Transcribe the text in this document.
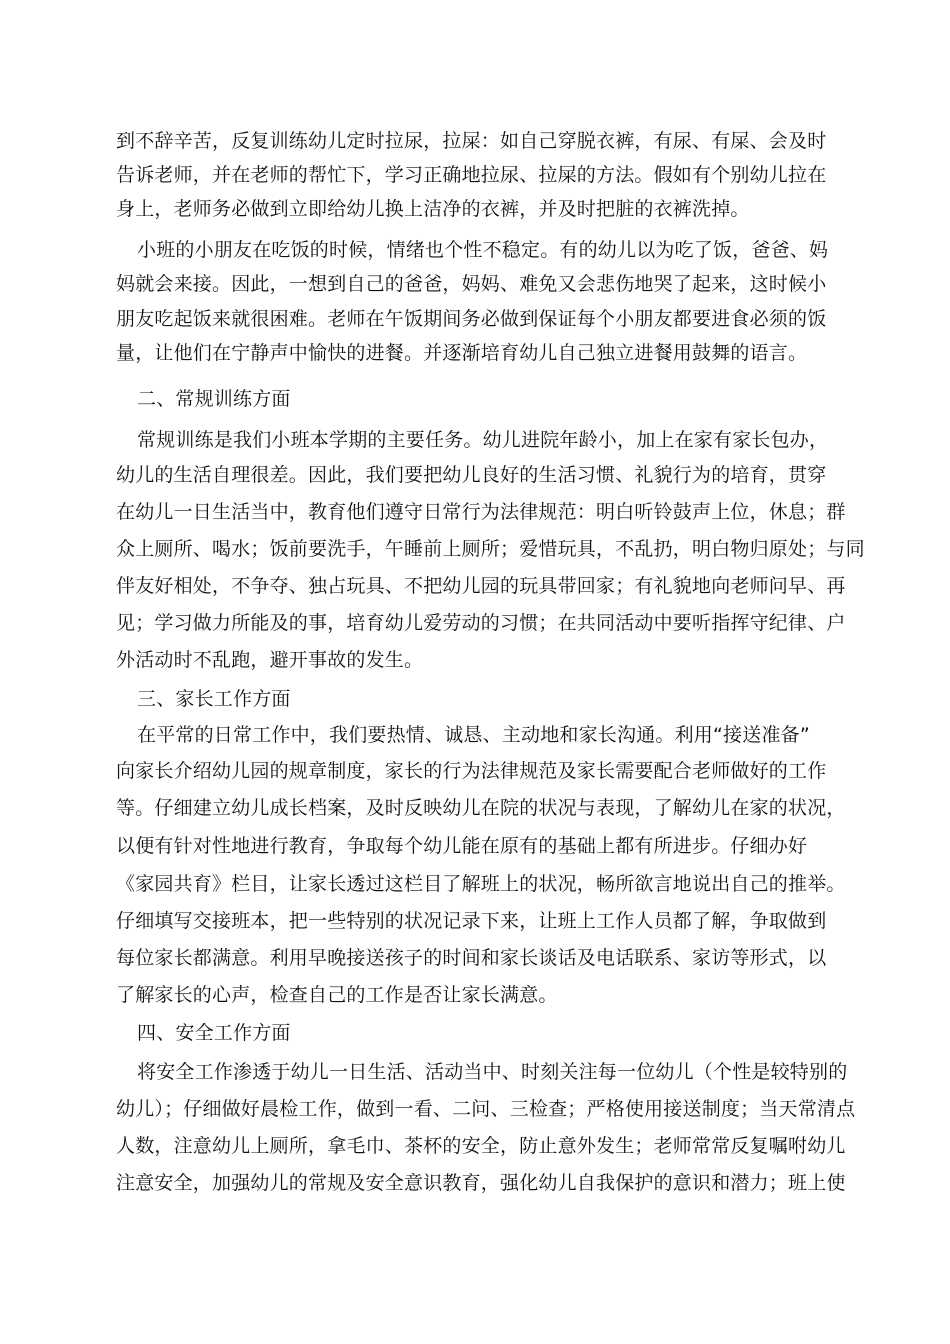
到不辞辛苦，反复训练幼儿定时拉尿，拉屎：如自己穿脱衣裤，有尿、有屎、会及时
告诉老师，并在老师的帮忙下，学习正确地拉尿、拉屎的方法。假如有个别幼儿拉在
身上，老师务必做到立即给幼儿换上洁净的衣裤，并及时把脏的衣裤洗掉。
小班的小朋友在吃饭的时候，情绪也个性不稳定。有的幼儿以为吃了饭，爸爸、妈
妈就会来接。因此，一想到自己的爸爸，妈妈、难免又会悲伤地哭了起来，这时候小
朋友吃起饭来就很困难。老师在午饭期间务必做到保证每个小朋友都要进食必须的饭
量，让他们在宁静声中愉快的进餐。并逐渐培育幼儿自己独立进餐用鼓舞的语言。
二、常规训练方面
常规训练是我们小班本学期的主要任务。幼儿进院年龄小，加上在家有家长包办，
幼儿的生活自理很差。因此，我们要把幼儿良好的生活习惯、礼貌行为的培育，贯穿
在幼儿一日生活当中，教育他们遵守日常行为法律规范：明白听铃鼓声上位，休息；群
众上厕所、喝水；饭前要洗手，午睡前上厕所；爱惜玩具，不乱扔，明白物归原处；与同
伴友好相处，不争夺、独占玩具、不把幼儿园的玩具带回家；有礼貌地向老师问早、再
见；学习做力所能及的事，培育幼儿爱劳动的习惯；在共同活动中要听指挥守纪律、户
外活动时不乱跑，避开事故的发生。
三、家长工作方面
在平常的日常工作中，我们要热情、诚恳、主动地和家长沟通。利用“接送准备”
向家长介绍幼儿园的规章制度，家长的行为法律规范及家长需要配合老师做好的工作
等。仔细建立幼儿成长档案，及时反映幼儿在院的状况与表现，了解幼儿在家的状况，
以便有针对性地进行教育，争取每个幼儿能在原有的基础上都有所进步。仔细办好
《家园共育》栏目，让家长透过这栏目了解班上的状况，畅所欲言地说出自己的推举。
仔细填写交接班本，把一些特别的状况记录下来，让班上工作人员都了解，争取做到
每位家长都满意。利用早晚接送孩子的时间和家长谈话及电话联系、家访等形式，以
了解家长的心声，检查自己的工作是否让家长满意。
四、安全工作方面
将安全工作渗透于幼儿一日生活、活动当中、时刻关注每一位幼儿（个性是较特别的
幼儿）；仔细做好晨检工作，做到一看、二问、三检查；严格使用接送制度；当天常清点
人数，注意幼儿上厕所，拿毛巾、茶杯的安全，防止意外发生；老师常常反复嘱咐幼儿
注意安全，加强幼儿的常规及安全意识教育，强化幼儿自我保护的意识和潜力；班上使
